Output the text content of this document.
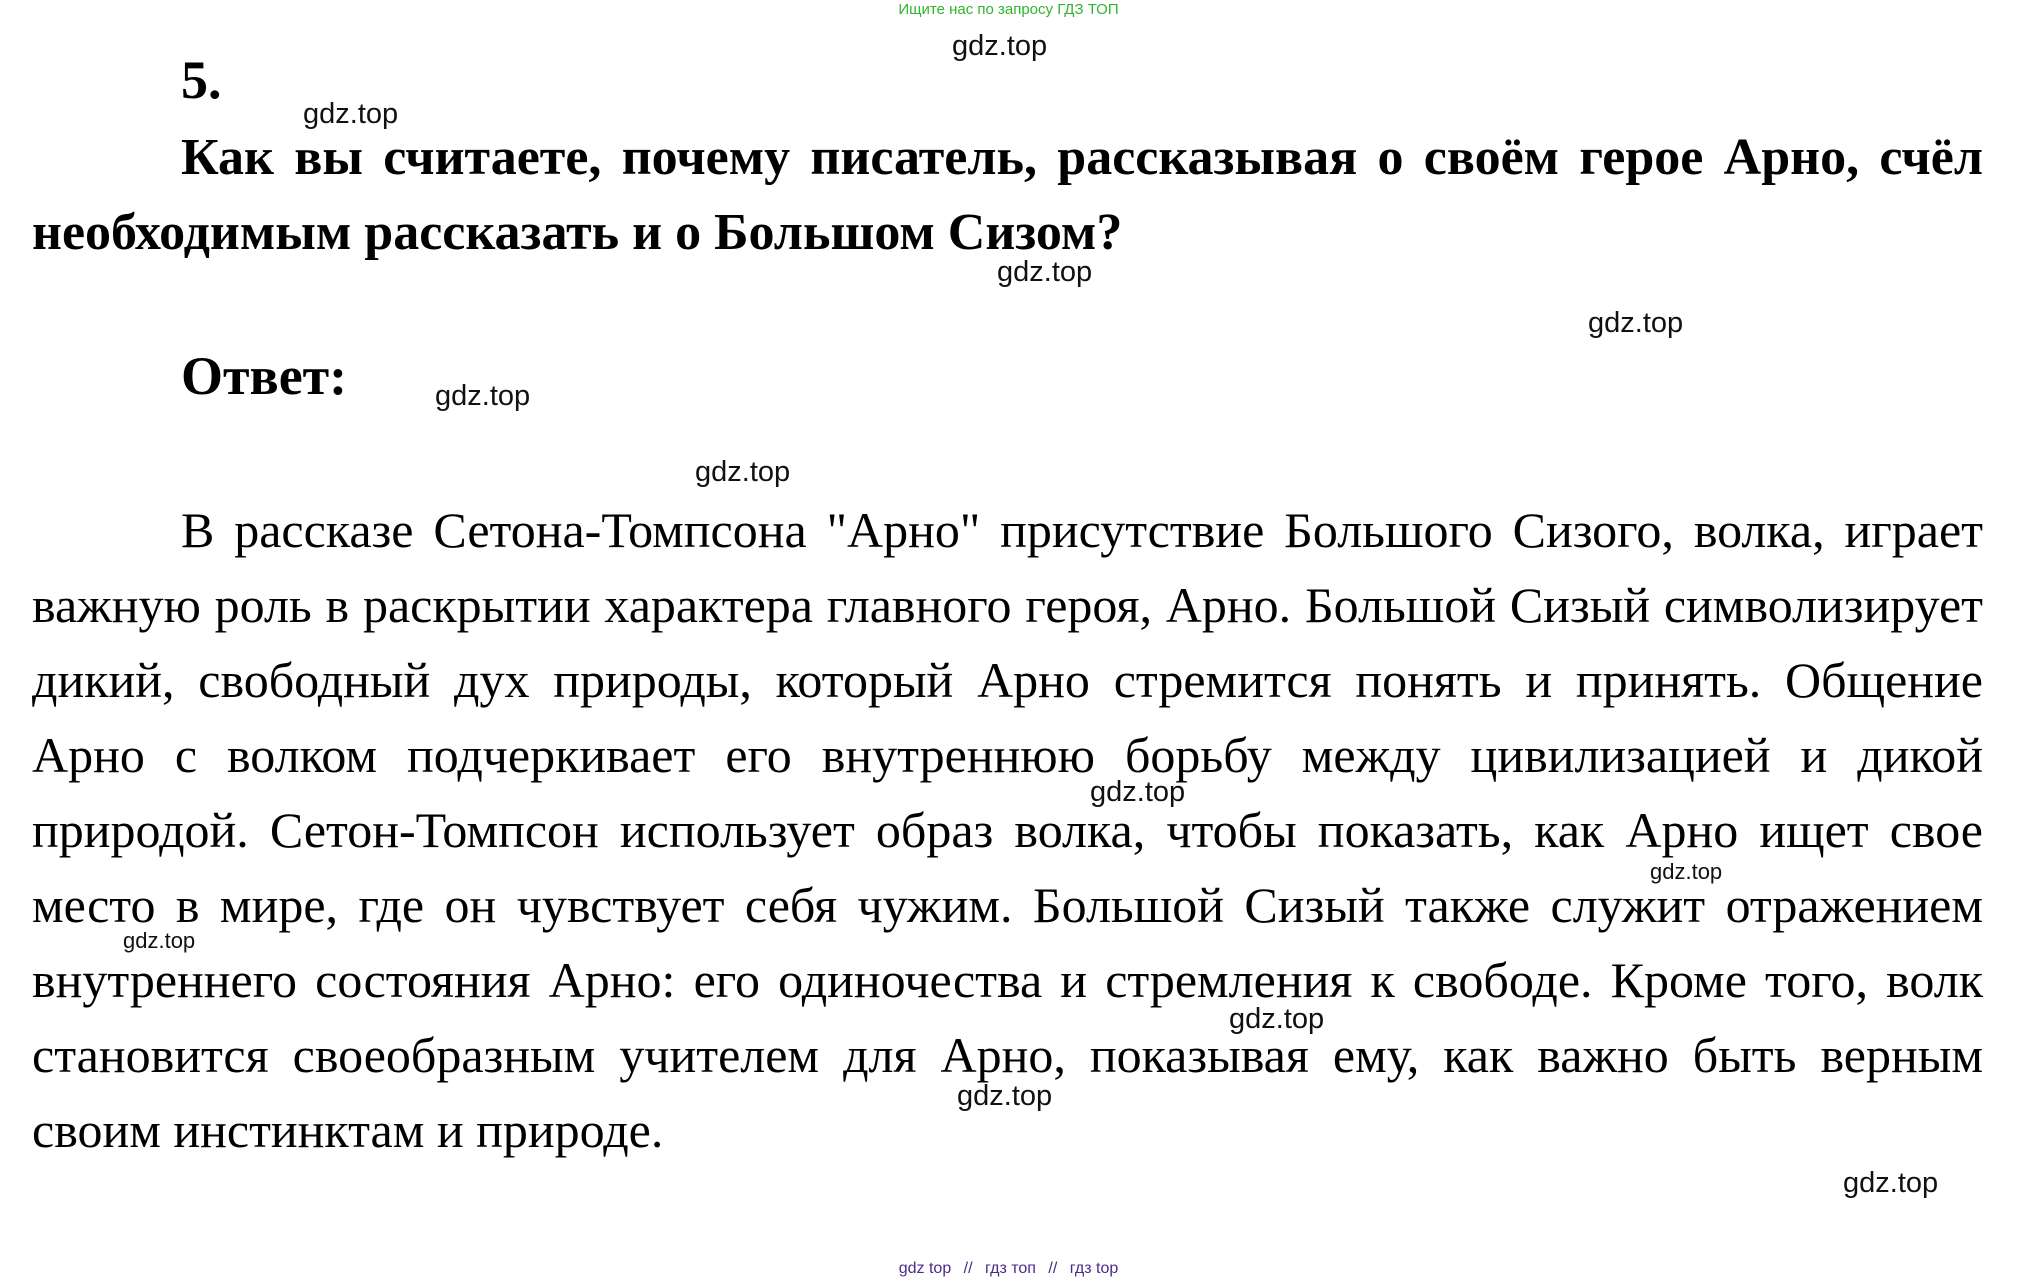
Ищите нас по запросу ГДЗ ТОП
5.

Как вы считаете, почему писатель, рассказывая о своём герое Арно, счёл необходимым рассказать и о Большом Сизом?

Ответ:

В рассказе Сетона-Томпсона "Арно" присутствие Большого Сизого, волка, играет важную роль в раскрытии характера главного героя, Арно. Большой Сизый символизирует дикий, свободный дух природы, который Арно стремится понять и принять. Общение Арно с волком подчеркивает его внутреннюю борьбу между цивилизацией и дикой природой. Сетон-Томпсон использует образ волка, чтобы показать, как Арно ищет свое место в мире, где он чувствует себя чужим. Большой Сизый также служит отражением внутреннего состояния Арно: его одиночества и стремления к свободе. Кроме того, волк становится своеобразным учителем для Арно, показывая ему, как важно быть верным своим инстинктам и природе.

gdz.top
gdz.top
gdz.top
gdz.top
gdz.top
gdz.top
gdz.top
gdz.top
gdz.top
gdz.top
gdz.top
gdz.top
gdz top // гдз топ // гдз top
